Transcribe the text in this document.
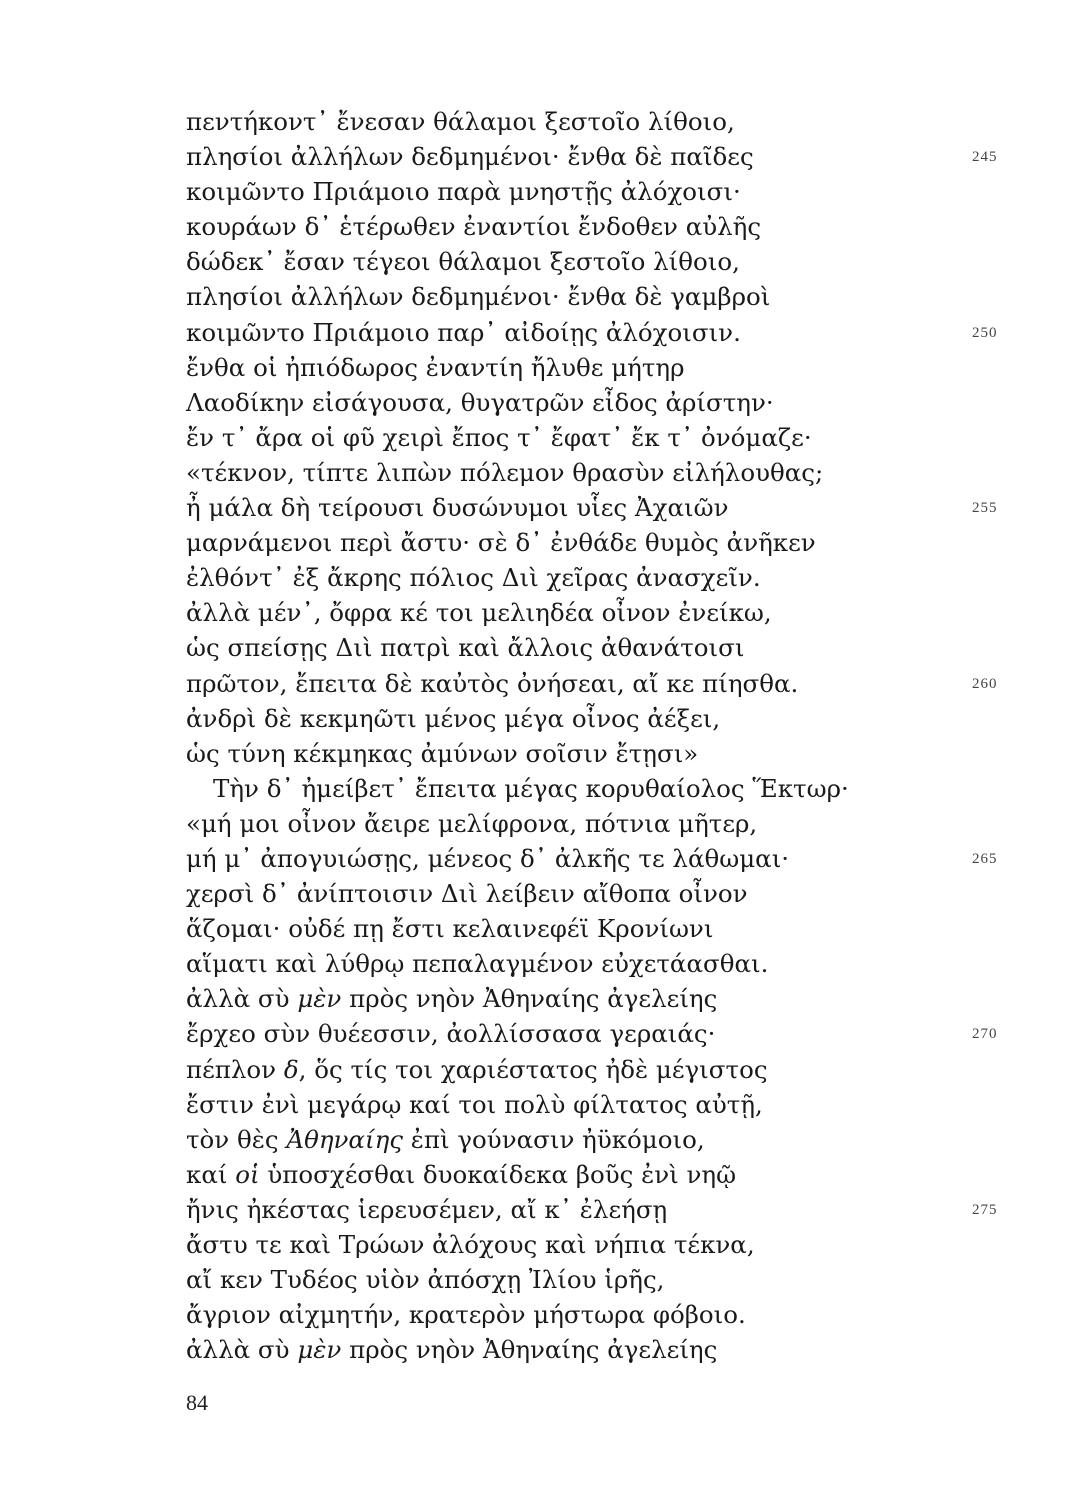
πεντήκοντ᾽ ἔνεσαν θάλαμοι ξεστοῖο λίθοιο,
πλησίοι ἀλλήλων δεδμημένοι· ἔνθα δὲ παῖδες	245
κοιμῶντο Πριάμοιο παρὰ μνηστῇς ἀλόχοισι·
κουράων δ᾽ ἑτέρωθεν ἐναντίοι ἔνδοθεν αὐλῆς
δώδεκ᾽ ἔσαν τέγεοι θάλαμοι ξεστοῖο λίθοιο,
πλησίοι ἀλλήλων δεδμημένοι· ἔνθα δὲ γαμβροὶ
κοιμῶντο Πριάμοιο παρ᾽ αἰδοίῃς ἀλόχοισιν.	250
ἔνθα οἱ ἠπιόδωρος ἐναντίη ἤλυθε μήτηρ
Λαοδίκην εἰσάγουσα, θυγατρῶν εἶδος ἀρίστην·
ἔν τ᾽ ἄρα οἱ φῦ χειρὶ ἔπος τ᾽ ἔφατ᾽ ἔκ τ᾽ ὀνόμαζε·
«τέκνον, τίπτε λιπὼν πόλεμον θρασὺν εἰλήλουθας;
ἦ μάλα δὴ τείρουσι δυσώνυμοι υἷες Ἀχαιῶν	255
μαρνάμενοι περὶ ἄστυ· σὲ δ᾽ ἐνθάδε θυμὸς ἀνῆκεν
ἐλθόντ᾽ ἐξ ἄκρης πόλιος Διὶ χεῖρας ἀνασχεῖν.
ἀλλὰ μέν᾽, ὄφρα κέ τοι μελιηδέα οἶνον ἐνείκω,
ὡς σπείσῃς Διὶ πατρὶ καὶ ἄλλοις ἀθανάτοισι
πρῶτον, ἔπειτα δὲ καὐτὸς ὀνήσεαι, αἴ κε πίησθα.	260
ἀνδρὶ δὲ κεκμηῶτι μένος μέγα οἶνος ἀέξει,
ὡς τύνη κέκμηκας ἀμύνων σοῖσιν ἔτῃσι»
Τὴν δ᾽ ἠμείβετ᾽ ἔπειτα μέγας κορυθαίολος Ἕκτωρ·
«μή μοι οἶνον ἄειρε μελίφρονα, πότνια μῆτερ,
μή μ᾽ ἀπογυιώσῃς, μένεος δ᾽ ἀλκῆς τε λάθωμαι·	265
χερσὶ δ᾽ ἀνίπτοισιν Διὶ λείβειν αἴθοπα οἶνον
ἅζομαι· οὐδέ πῃ ἔστι κελαινεφέϊ Κρονίωνι
αἵματι καὶ λύθρῳ πεπαλαγμένον εὐχετάασθαι.
ἀλλὰ σὺ μὲν πρὸς νηὸν Ἀθηναίης ἀγελείης
ἔρχεο σὺν θυέεσσιν, ἀολλίσσασα γεραιάς·	270
πέπλον δ, ὅς τίς τοι χαριέστατος ἠδὲ μέγιστος
ἔστιν ἐνὶ μεγάρῳ καί τοι πολὺ φίλτατος αὐτῇ,
τὸν θὲς Ἀθηναίης ἐπὶ γούνασιν ἠϋκόμοιο,
καί οἱ ὑποσχέσθαι δυοκαίδεκα βοῦς ἐνὶ νηῷ
ἤνις ἠκέστας ἱερευσέμεν, αἴ κ᾽ ἐλεήσῃ	275
ἄστυ τε καὶ Τρώων ἀλόχους καὶ νήπια τέκνα,
αἴ κεν Τυδέος υἱὸν ἀπόσχῃ Ἰλίου ἱρῆς,
ἄγριον αἰχμητήν, κρατερὸν μήστωρα φόβοιο.
ἀλλὰ σὺ μὲν πρὸς νηὸν Ἀθηναίης ἀγελείης
84
